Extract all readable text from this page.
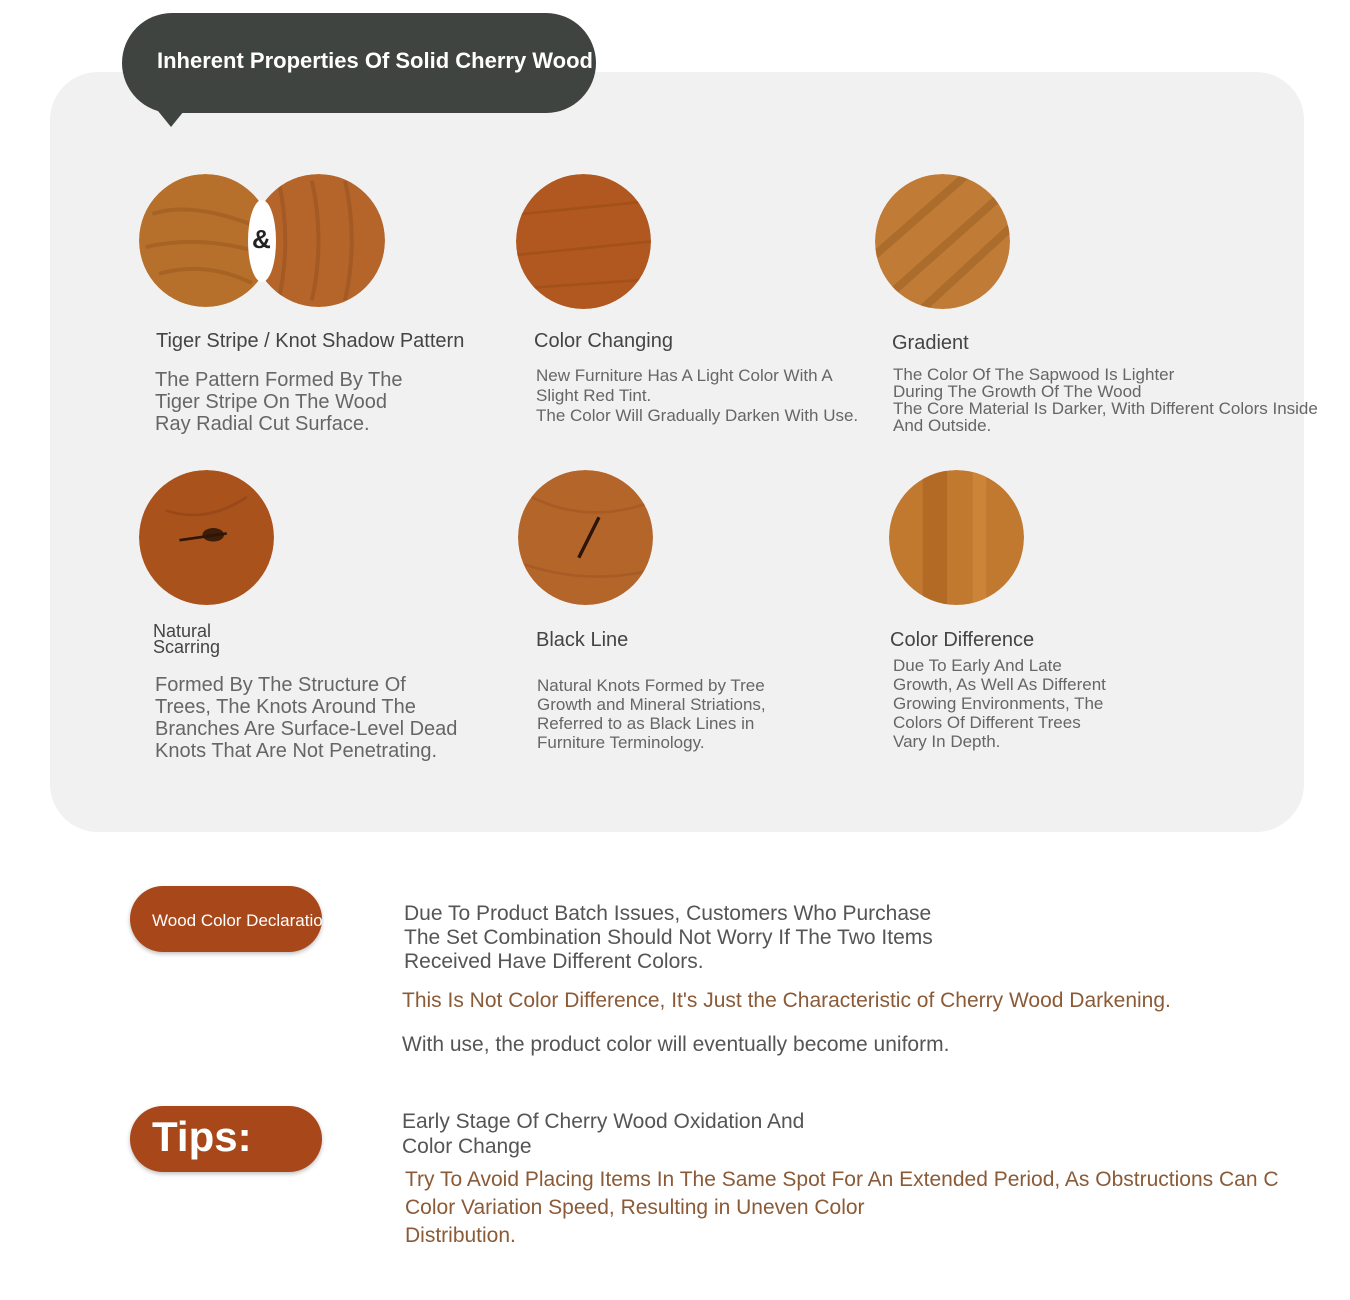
Inherent Properties Of Solid Cherry Wood
&
Tiger Stripe / Knot Shadow Pattern
The Pattern Formed By The
Tiger Stripe On The Wood
Ray Radial Cut Surface.
Color Changing
New Furniture Has A Light Color With A
Slight Red Tint.
The Color Will Gradually Darken With Use.
Gradient
The Color Of The Sapwood Is Lighter
During The Growth Of The Wood
The Core Material Is Darker, With Different Colors Inside
And Outside.
Natural
Scarring
Formed By The Structure Of
Trees, The Knots Around The
Branches Are Surface-Level Dead
Knots That Are Not Penetrating.
Black Line
Natural Knots Formed by Tree
Growth and Mineral Striations,
Referred to as Black Lines in
Furniture Terminology.
Color Difference
Due To Early And Late
Growth, As Well As Different
Growing Environments, The
Colors Of Different Trees
Vary In Depth.
Wood Color Declaration	Due To Product Batch Issues, Customers Who Purchase
The Set Combination Should Not Worry If The Two Items
Received Have Different Colors.
This Is Not Color Difference, It's Just the Characteristic of Cherry Wood Darkening.
With use, the product color will eventually become uniform.
Tips:	Early Stage Of Cherry Wood Oxidation And
Color Change
Try To Avoid Placing Items In The Same Spot For An Extended Period, As Obstructions Can C
Color Variation Speed, Resulting in Uneven Color
Distribution.
